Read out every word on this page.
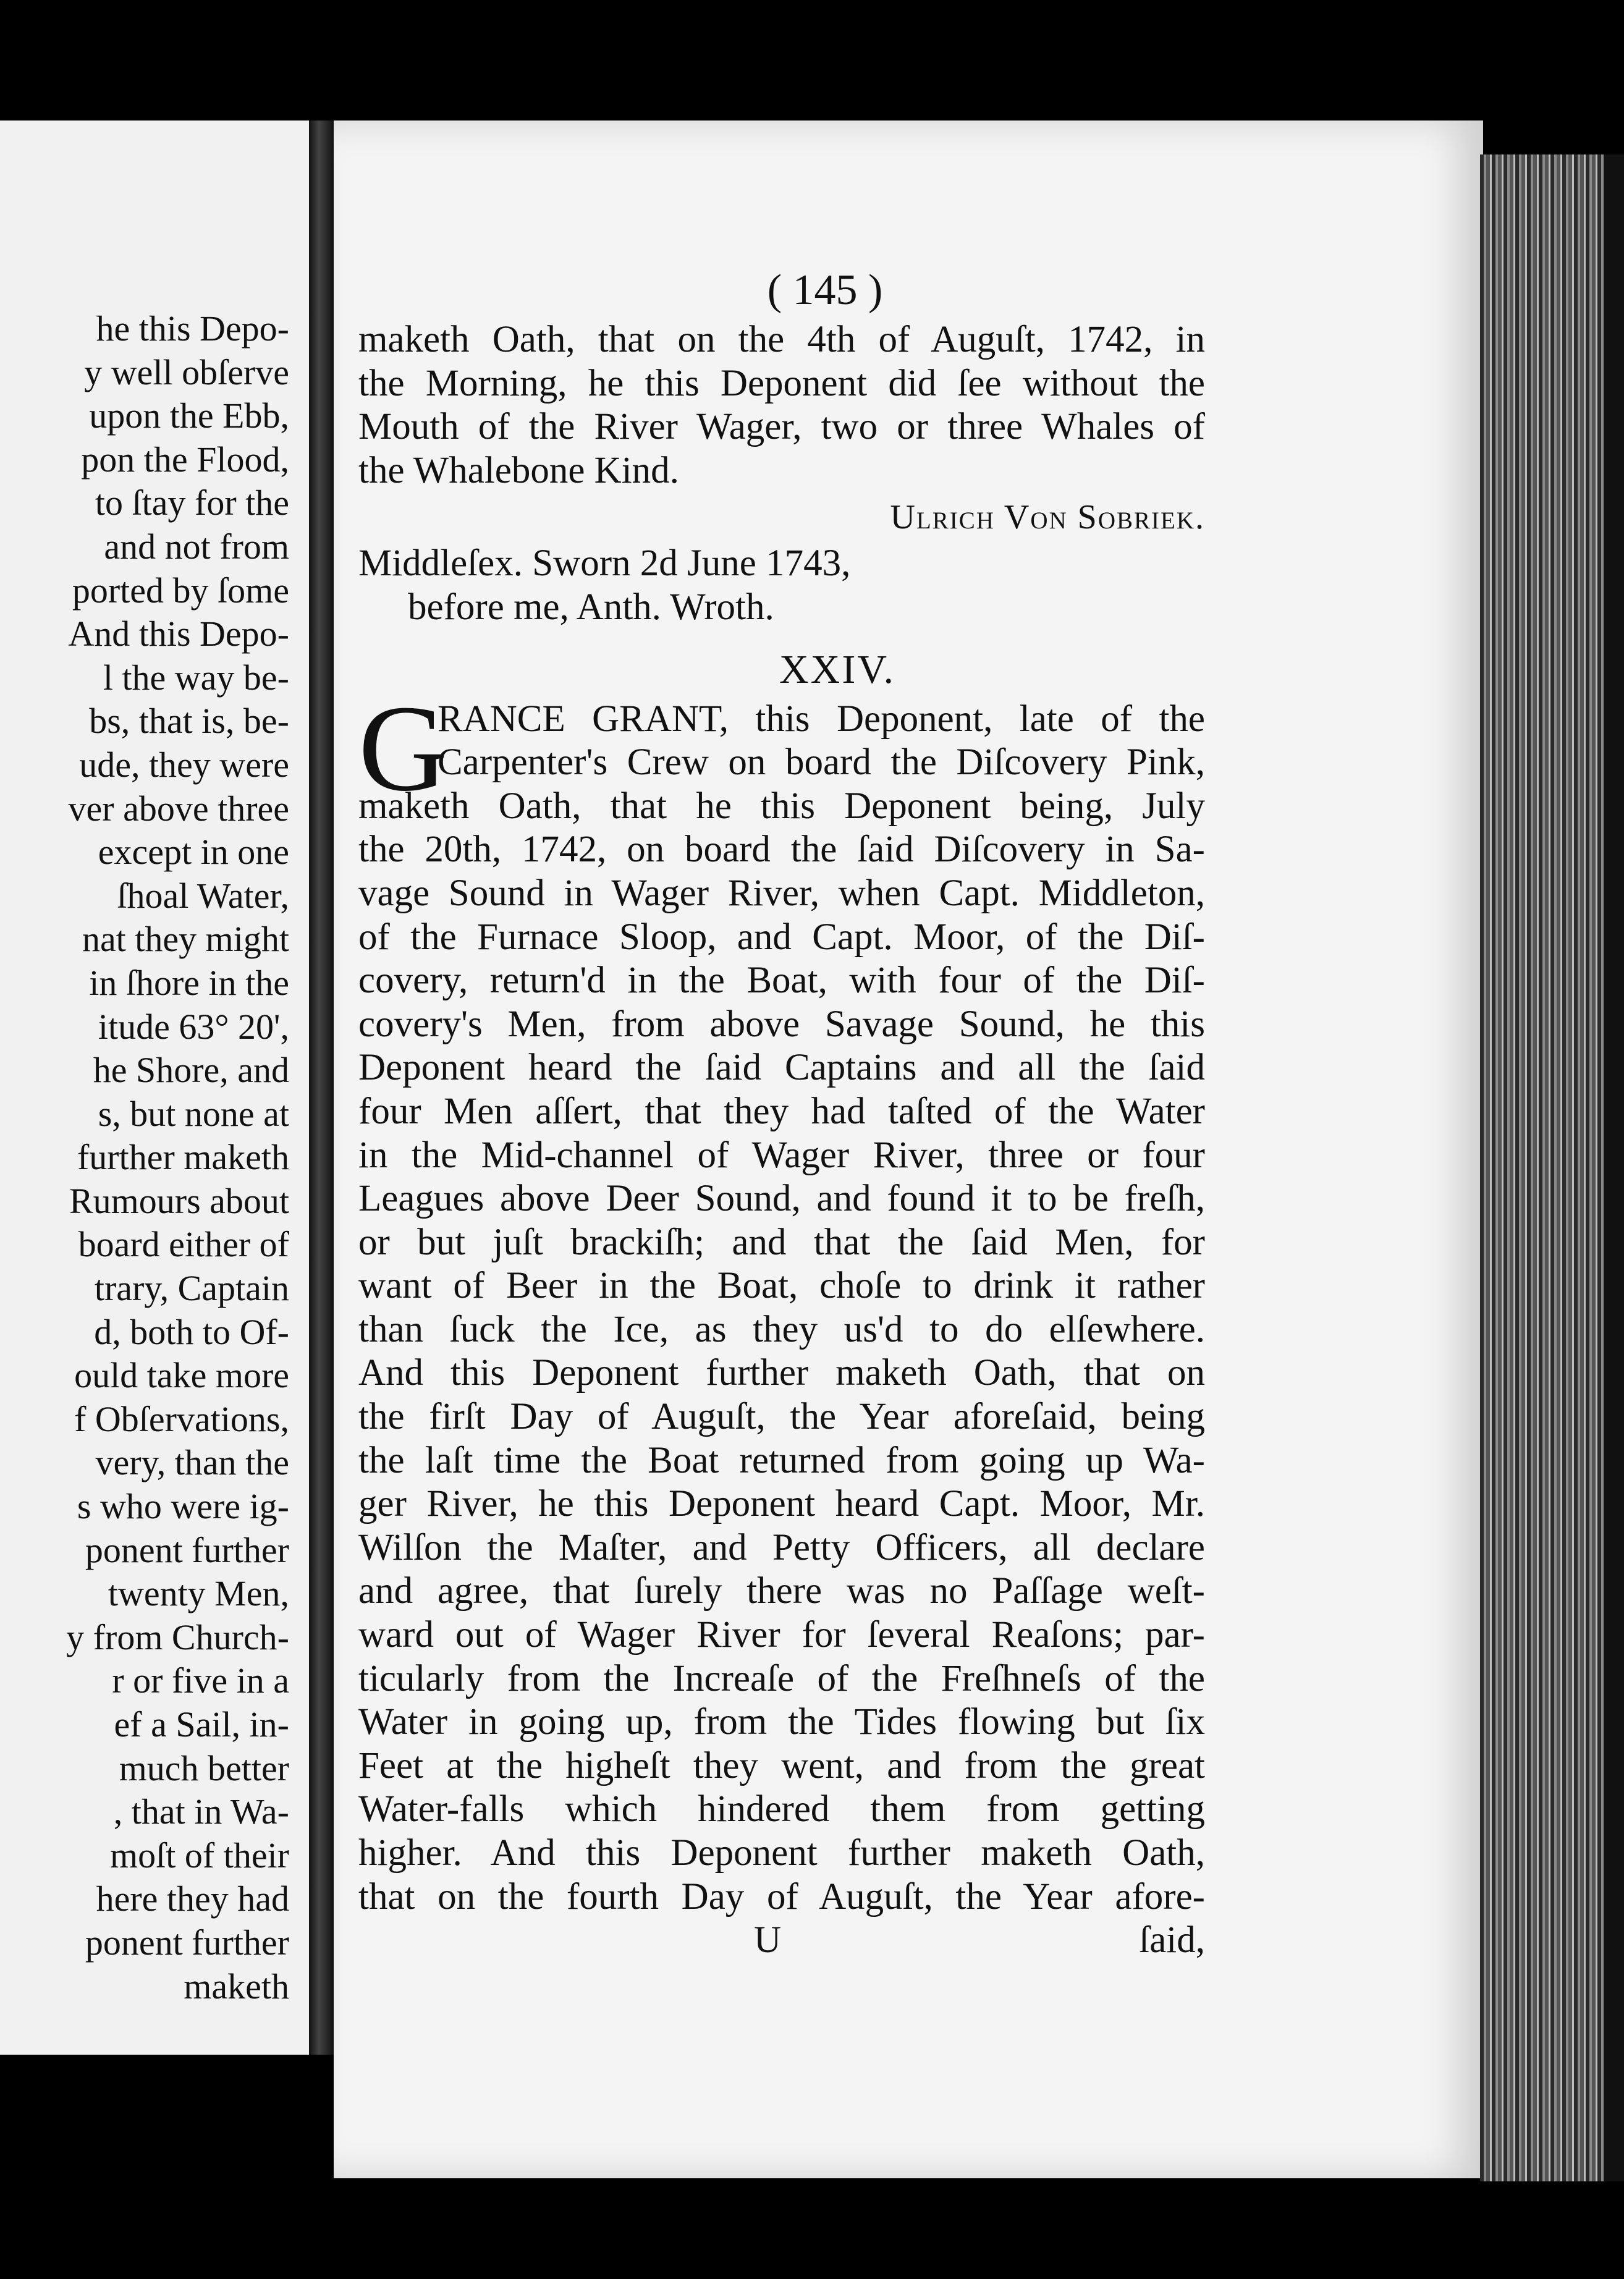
he this Depo-
y well obſerve
upon the Ebb,
pon the Flood,
to ſtay for the
and not from
ported by ſome
And this Depo-
l the way be-
bs, that is, be-
ude, they were
ver above three
except in one
ſhoal Water,
nat they might
in ſhore in the
itude 63° 20',
he Shore, and
s, but none at
further maketh
Rumours about
board either of
trary, Captain
d, both to Of-
ould take more
f Obſervations,
very, than the
s who were ig-
ponent further
twenty Men,
y from Church-
r or five in a
ef a Sail, in-
much better
, that in Wa-
moſt of their
here they had
ponent further
maketh
( 145 )
maketh Oath, that on the 4th of Auguſt, 1742, in
the Morning, he this Deponent did ſee without the
Mouth of the River Wager, two or three Whales of
the Whalebone Kind.
Ulrich Von Sobriek.
Middleſex. Sworn 2d June 1743,
before me, Anth. Wroth.
XXIV.
G
RANCE GRANT, this Deponent, late of the
Carpenter's Crew on board the Diſcovery Pink,
maketh Oath, that he this Deponent being, July
the 20th, 1742, on board the ſaid Diſcovery in Sa-
vage Sound in Wager River, when Capt. Middleton,
of the Furnace Sloop, and Capt. Moor, of the Diſ-
covery, return'd in the Boat, with four of the Diſ-
covery's Men, from above Savage Sound, he this
Deponent heard the ſaid Captains and all the ſaid
four Men aſſert, that they had taſted of the Water
in the Mid-channel of Wager River, three or four
Leagues above Deer Sound, and found it to be freſh,
or but juſt brackiſh; and that the ſaid Men, for
want of Beer in the Boat, choſe to drink it rather
than ſuck the Ice, as they us'd to do elſewhere.
And this Deponent further maketh Oath, that on
the firſt Day of Auguſt, the Year aforeſaid, being
the laſt time the Boat returned from going up Wa-
ger River, he this Deponent heard Capt. Moor, Mr.
Wilſon the Maſter, and Petty Officers, all declare
and agree, that ſurely there was no Paſſage weſt-
ward out of Wager River for ſeveral Reaſons; par-
ticularly from the Increaſe of the Freſhneſs of the
Water in going up, from the Tides flowing but ſix
Feet at the higheſt they went, and from the great
Water-falls which hindered them from getting
higher. And this Deponent further maketh Oath,
that on the fourth Day of Auguſt, the Year afore-
U	ſaid,
